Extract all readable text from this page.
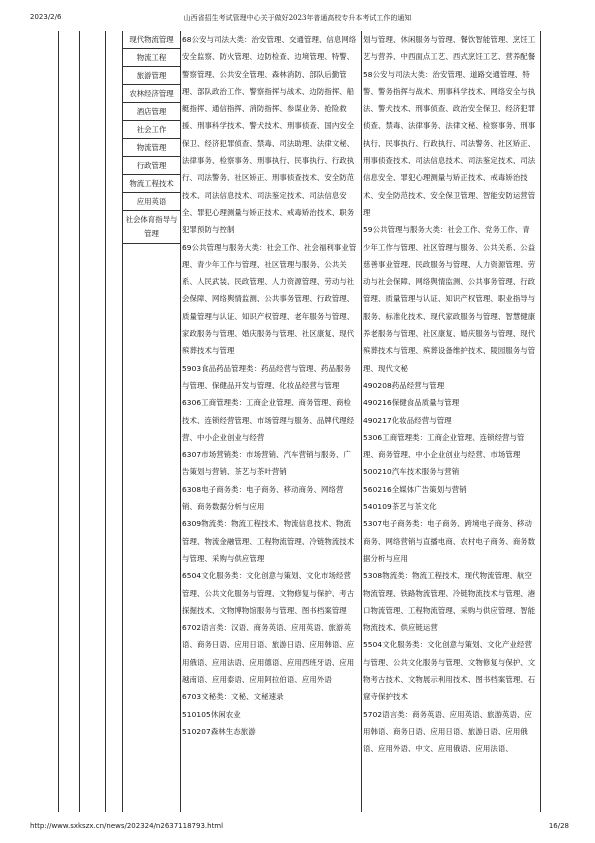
2023/2/6	山西省招生考试管理中心关于做好2023年普通高校专升本考试工作的通知
现代物流管理
物流工程
旅游管理
农林经济管理
酒店管理
社会工作
物流管理
行政管理
物流工程技术
应用英语
社会体育指导与管理
68公安与司法大类：治安管理、交通管理、信息网络安全监察、防火管理、边防检查、边境管理、特警、警察管理、公共安全管理、森林消防、部队后勤管理、部队政治工作、警察指挥与战术、边防指挥、船艇指挥、通信指挥、消防指挥、参谋业务、抢险救援、刑事科学技术、警犬技术、刑事侦查、国内安全保卫、经济犯罪侦查、禁毒、司法助理、法律文秘、法律事务、检察事务、刑事执行、民事执行、行政执行、司法警务、社区矫正、刑事侦查技术、安全防范技术、司法信息技术、司法鉴定技术、司法信息安全、罪犯心理测量与矫正技术、戒毒矫治技术、职务犯罪预防与控制
69公共管理与服务大类：社会工作、社会福利事业管理、青少年工作与管理、社区管理与服务、公共关系、人民武装、民政管理、人力资源管理、劳动与社会保障、网络舆情监测、公共事务管理、行政管理、质量管理与认证、知识产权管理、老年服务与管理、家政服务与管理、婚庆服务与管理、社区康复、现代殡葬技术与管理
5903食品药品管理类：药品经营与管理、药品服务与管理、保健品开发与管理、化妆品经营与管理
6306工商管理类：工商企业管理、商务管理、商检技术、连锁经营管理、市场管理与服务、品牌代理经营、中小企业创业与经营
6307市场营销类：市场营销、汽车营销与服务、广告策划与营销、茶艺与茶叶营销
6308电子商务类：电子商务、移动商务、网络营销、商务数据分析与应用
6309物流类：物流工程技术、物流信息技术、物流管理、物流金融管理、工程物流管理、冷链物流技术与管理、采购与供应管理
6504文化服务类：文化创意与策划、文化市场经营管理、公共文化服务与管理、文物修复与保护、考古探掘技术、文物博物馆服务与管理、图书档案管理
6702语言类：汉语、商务英语、应用英语、旅游英语、商务日语、应用日语、旅游日语、应用韩语、应用俄语、应用法语、应用德语、应用西班牙语、应用越南语、应用泰语、应用阿拉伯语、应用外语
6703文秘类：文秘、文秘速录
510105休闲农业
510207森林生态旅游
划与管理、休闲服务与管理、餐饮智能管理、烹饪工艺与营养、中西面点工艺、西式烹饪工艺、营养配餐
58公安与司法大类：治安管理、道路交通管理、特警、警务指挥与战术、刑事科学技术、网络安全与执法、警犬技术、刑事侦查、政治安全保卫、经济犯罪侦查、禁毒、法律事务、法律文秘、检察事务、刑事执行、民事执行、行政执行、司法警务、社区矫正、刑事侦查技术、司法信息技术、司法鉴定技术、司法信息安全、罪犯心理测量与矫正技术、戒毒矫治技术、安全防范技术、安全保卫管理、智能安防运营管理
59公共管理与服务大类：社会工作、党务工作、青少年工作与管理、社区管理与服务、公共关系、公益慈善事业管理、民政服务与管理、人力资源管理、劳动与社会保障、网络舆情监测、公共事务管理、行政管理、质量管理与认证、知识产权管理、职业指导与服务、标准化技术、现代家政服务与管理、智慧健康养老服务与管理、社区康复、婚庆服务与管理、现代殡葬技术与管理、殡葬设备维护技术、陵园服务与管理、现代文秘
490208药品经营与管理
490216保健食品质量与管理
490217化妆品经营与管理
5306工商管理类：工商企业管理、连锁经营与管理、商务管理、中小企业创业与经营、市场管理
500210汽车技术服务与营销
560216全媒体广告策划与营销
540109茶艺与茶文化
5307电子商务类：电子商务、跨境电子商务、移动商务、网络营销与直播电商、农村电子商务、商务数据分析与应用
5308物流类：物流工程技术、现代物流管理、航空物流管理、铁路物流管理、冷链物流技术与管理、港口物流管理、工程物流管理、采购与供应管理、智能物流技术、供应链运营
5504文化服务类：文化创意与策划、文化产业经营与管理、公共文化服务与管理、文物修复与保护、文物考古技术、文物展示利用技术、图书档案管理、石窟寺保护技术
5702语言类：商务英语、应用英语、旅游英语、应用韩语、商务日语、应用日语、旅游日语、应用俄语、应用外语、中文、应用俄语、应用法语、
http://www.sxkszx.cn/news/202324/n2637118793.html	16/28
